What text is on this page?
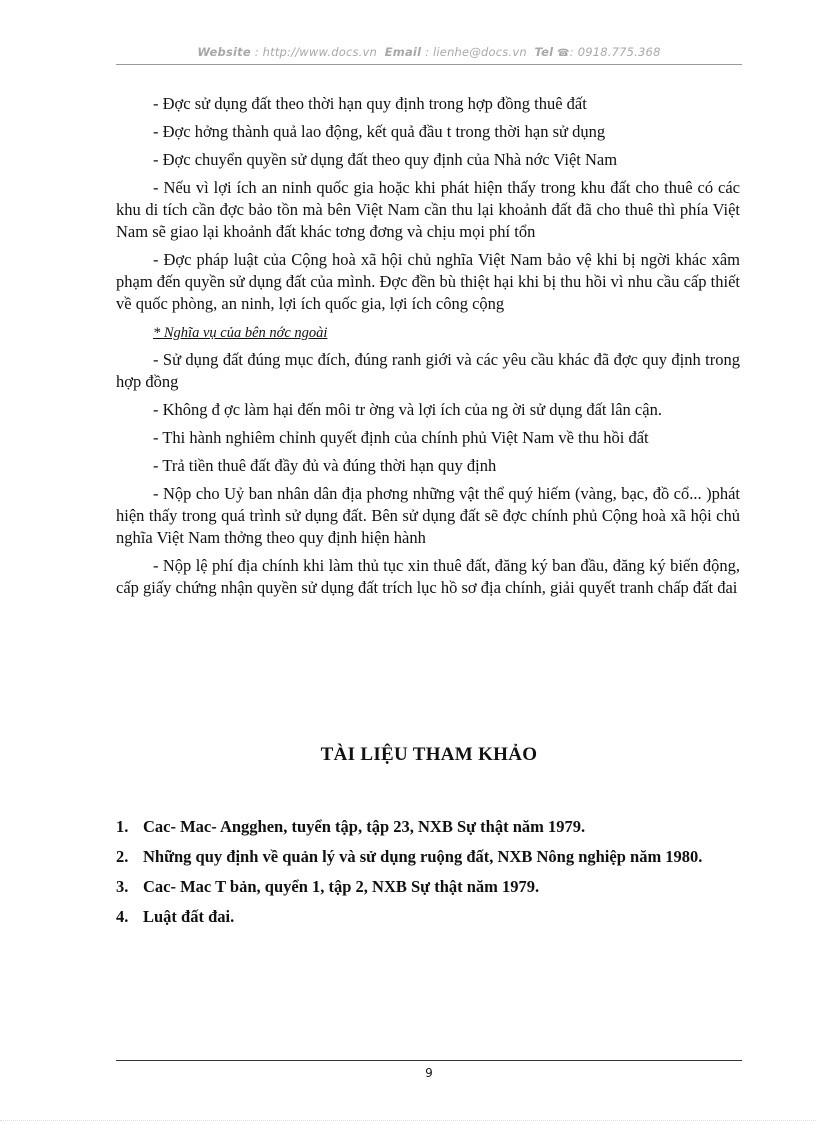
Website : http://www.docs.vn Email : lienhe@docs.vn Tel ☎: 0918.775.368

- Đợc sử dụng đất theo thời hạn quy định trong hợp đồng thuê đất

- Đợc hởng thành quả lao động, kết quả đầu t trong thời hạn sử dụng

- Đợc chuyển quyền sử dụng đất theo quy định của Nhà nớc Việt Nam

- Nếu vì lợi ích an ninh quốc gia hoặc khi phát hiện thấy trong khu đất cho thuê có các khu di tích cần đợc bảo tồn mà bên Việt Nam cần thu lại khoảnh đất đã cho thuê thì phía Việt Nam sẽ giao lại khoảnh đất khác tơng đơng và chịu mọi phí tổn

- Đợc pháp luật của Cộng hoà xã hội chủ nghĩa Việt Nam bảo vệ khi bị ngời khác xâm phạm đến quyền sử dụng đất của mình. Đợc đền bù thiệt hại khi bị thu hồi vì nhu cầu cấp thiết về quốc phòng, an ninh, lợi ích quốc gia, lợi ích công cộng

* Nghĩa vụ của bên nớc ngoài

- Sử dụng đất đúng mục đích, đúng ranh giới và các yêu cầu khác đã đợc quy định trong hợp đồng

- Không đ ợc làm hại đến môi tr ờng và lợi ích của ng ời sử dụng đất lân cận.

- Thi hành nghiêm chỉnh quyết định của chính phủ Việt Nam về thu hồi đất

- Trả tiền thuê đất đầy đủ và đúng thời hạn quy định

- Nộp cho Uỷ ban nhân dân địa phơng những vật thể quý hiếm (vàng, bạc, đồ cổ... )phát hiện thấy trong quá trình sử dụng đất. Bên sử dụng đất sẽ đợc chính phủ Cộng hoà xã hội chủ nghĩa Việt Nam thởng theo quy định hiện hành

- Nộp lệ phí địa chính khi làm thủ tục xin thuê đất, đăng ký ban đầu, đăng ký biến động, cấp giấy chứng nhận quyền sử dụng đất trích lục hồ sơ địa chính, giải quyết tranh chấp đất đai

TÀI LIỆU THAM KHẢO
1. Cac- Mac- Angghen, tuyển tập, tập 23, NXB Sự thật năm 1979.
2. Những quy định về quản lý và sử dụng ruộng đất, NXB Nông nghiệp năm 1980.
3. Cac- Mac T bản, quyển 1, tập 2, NXB Sự thật năm 1979.
4. Luật đất đai.
9
